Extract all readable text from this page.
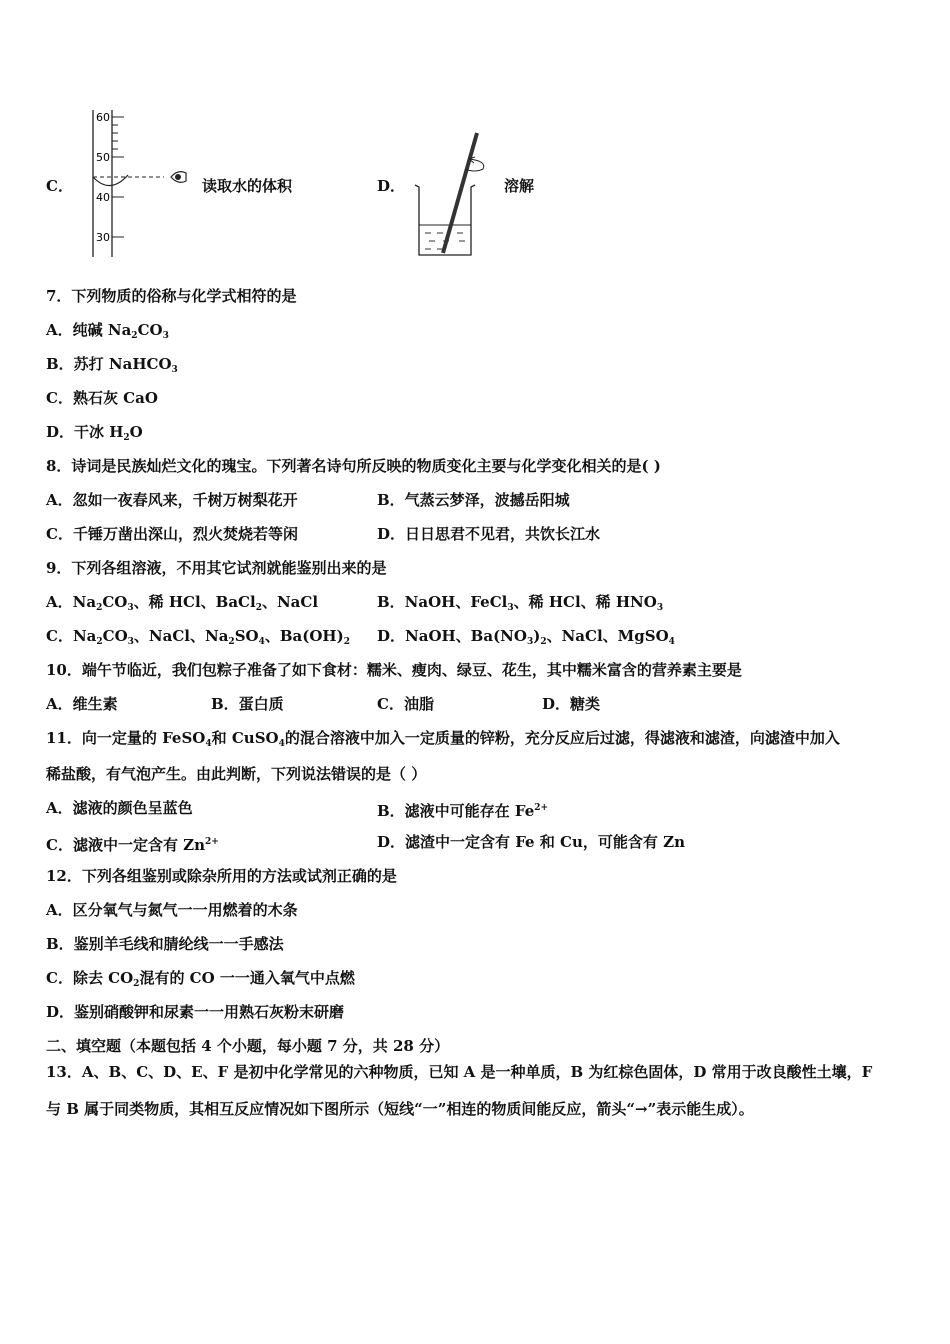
C．
60
50
40
30
读取水的体积	D．	溶解
7．下列物质的俗称与化学式相符的是
A．纯碱 $Na_2CO_3$
B．苏打 NaHCO$_3$
C．熟石灰 CaO
D．干冰 $H_2O$
8．诗词是民族灿烂文化的瑰宝。下列著名诗句所反映的物质变化主要与化学变化相关的是( )
A．忽如一夜春风来，千树万树梨花开	B．气蒸云梦泽，波撼岳阳城
C．千锤万凿出深山，烈火焚烧若等闲	D．日日思君不见君，共饮长江水
9．下列各组溶液，不用其它试剂就能鉴别出来的是
A．$Na_2CO_3$、稀 HCl、BaCl$_2$、NaCl	B．NaOH、FeCl$_3$、稀 HCl、稀 $HNO_3$
C．$Na_2CO_3$、NaCl、$Na_2SO_4$、$Ba(OH)_2$ D．NaOH、$Ba(NO_3)_2$、NaCl、MgSO$_4$
10．端午节临近，我们包粽子准备了如下食材：糯米、瘦肉、绿豆、花生，其中糯米富含的营养素主要是
A．维生素	B．蛋白质	C．油脂	D．糖类
11．向一定量的 FeSO$_4$和 CuSO$_4$的混合溶液中加入一定质量的锌粉，充分反应后过滤，得滤液和滤渣，向滤渣中加入
稀盐酸，有气泡产生。由此判断，下列说法错误的是（ ）
A．滤液的颜色呈蓝色	B．滤液中可能存在 $Fe^{2+}$
C．滤液中一定含有 $Zn^{2+}$	D．滤渣中一定含有 Fe 和 Cu，可能含有 Zn
12．下列各组鉴别或除杂所用的方法或试剂正确的是
A．区分氧气与氮气一一用燃着的木条
B．鉴别羊毛线和腈纶线一一手感法
C．除去 $CO_2$混有的 CO 一一通入氧气中点燃
D．鉴别硝酸钾和尿素一一用熟石灰粉末研磨
二、填空题（本题包括 4 个小题，每小题 7 分，共 28 分）
13．A、B、C、D、E、F 是初中化学常见的六种物质，已知 A 是一种单质，B 为红棕色固体，D 常用于改良酸性土壤，F
与 B 属于同类物质，其相互反应情况如下图所示（短线“一”相连的物质间能反应，箭头“→”表示能生成）。
